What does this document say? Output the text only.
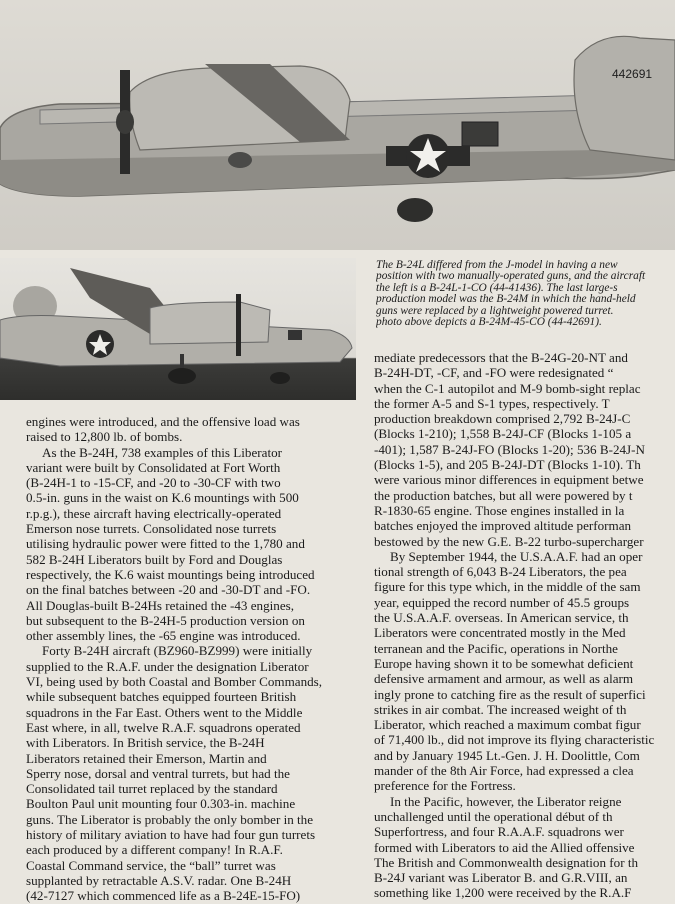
442691
The B-24L differed from the J-model in having a new
position with two manually-operated guns, and the aircraft
the left is a B-24L-1-CO (44-41436). The last large-s
production model was the B-24M in which the hand-held
guns were replaced by a lightweight powered turret.
photo above depicts a B-24M-45-CO (44-42691).

engines were introduced, and the offensive load was
raised to 12,800 lb. of bombs.

As the B-24H, 738 examples of this Liberator
variant were built by Consolidated at Fort Worth
(B-24H-1 to -15-CF, and -20 to -30-CF with two
0.5-in. guns in the waist on K.6 mountings with 500
r.p.g.), these aircraft having electrically-operated
Emerson nose turrets. Consolidated nose turrets
utilising hydraulic power were fitted to the 1,780 and
582 B-24H Liberators built by Ford and Douglas
respectively, the K.6 waist mountings being introduced
on the final batches between -20 and -30-DT and -FO.
All Douglas-built B-24Hs retained the -43 engines,
but subsequent to the B-24H-5 production version on
other assembly lines, the -65 engine was introduced.

Forty B-24H aircraft (BZ960-BZ999) were initially
supplied to the R.A.F. under the designation Liberator
VI, being used by both Coastal and Bomber Commands,
while subsequent batches equipped fourteen British
squadrons in the Far East. Others went to the Middle
East where, in all, twelve R.A.F. squadrons operated
with Liberators. In British service, the B-24H
Liberators retained their Emerson, Martin and
Sperry nose, dorsal and ventral turrets, but had the
Consolidated tail turret replaced by the standard
Boulton Paul unit mounting four 0.303-in. machine
guns. The Liberator is probably the only bomber in the
history of military aviation to have had four gun turrets
each produced by a different company! In R.A.F.
Coastal Command service, the “ball” turret was
supplanted by retractable A.S.V. radar. One B-24H
(42-7127 which commenced life as a B-24E-15-FO)

mediate predecessors that the B-24G-20-NT and
B-24H-DT, -CF, and -FO were redesignated “
when the C-1 autopilot and M-9 bomb-sight replac
the former A-5 and S-1 types, respectively. T
production breakdown comprised 2,792 B-24J-C
(Blocks 1-210); 1,558 B-24J-CF (Blocks 1-105 a
-401); 1,587 B-24J-FO (Blocks 1-20); 536 B-24J-N
(Blocks 1-5), and 205 B-24J-DT (Blocks 1-10). Th
were various minor differences in equipment betwe
the production batches, but all were powered by t
R-1830-65 engine. Those engines installed in la
batches enjoyed the improved altitude performan
bestowed by the new G.E. B-22 turbo-supercharger

By September 1944, the U.S.A.A.F. had an oper
tional strength of 6,043 B-24 Liberators, the pea
figure for this type which, in the middle of the sam
year, equipped the record number of 45.5 groups
the U.S.A.A.F. overseas. In American service, th
Liberators were concentrated mostly in the Med
terranean and the Pacific, operations in Northe
Europe having shown it to be somewhat deficient
defensive armament and armour, as well as alarm
ingly prone to catching fire as the result of superfici
strikes in air combat. The increased weight of th
Liberator, which reached a maximum combat figur
of 71,400 lb., did not improve its flying characteristic
and by January 1945 Lt.-Gen. J. H. Doolittle, Com
mander of the 8th Air Force, had expressed a clea
preference for the Fortress.

In the Pacific, however, the Liberator reigne
unchallenged until the operational début of th
Superfortress, and four R.A.A.F. squadrons wer
formed with Liberators to aid the Allied offensive
The British and Commonwealth designation for th
B-24J variant was Liberator B. and G.R.VIII, an
something like 1,200 were received by the R.A.F
